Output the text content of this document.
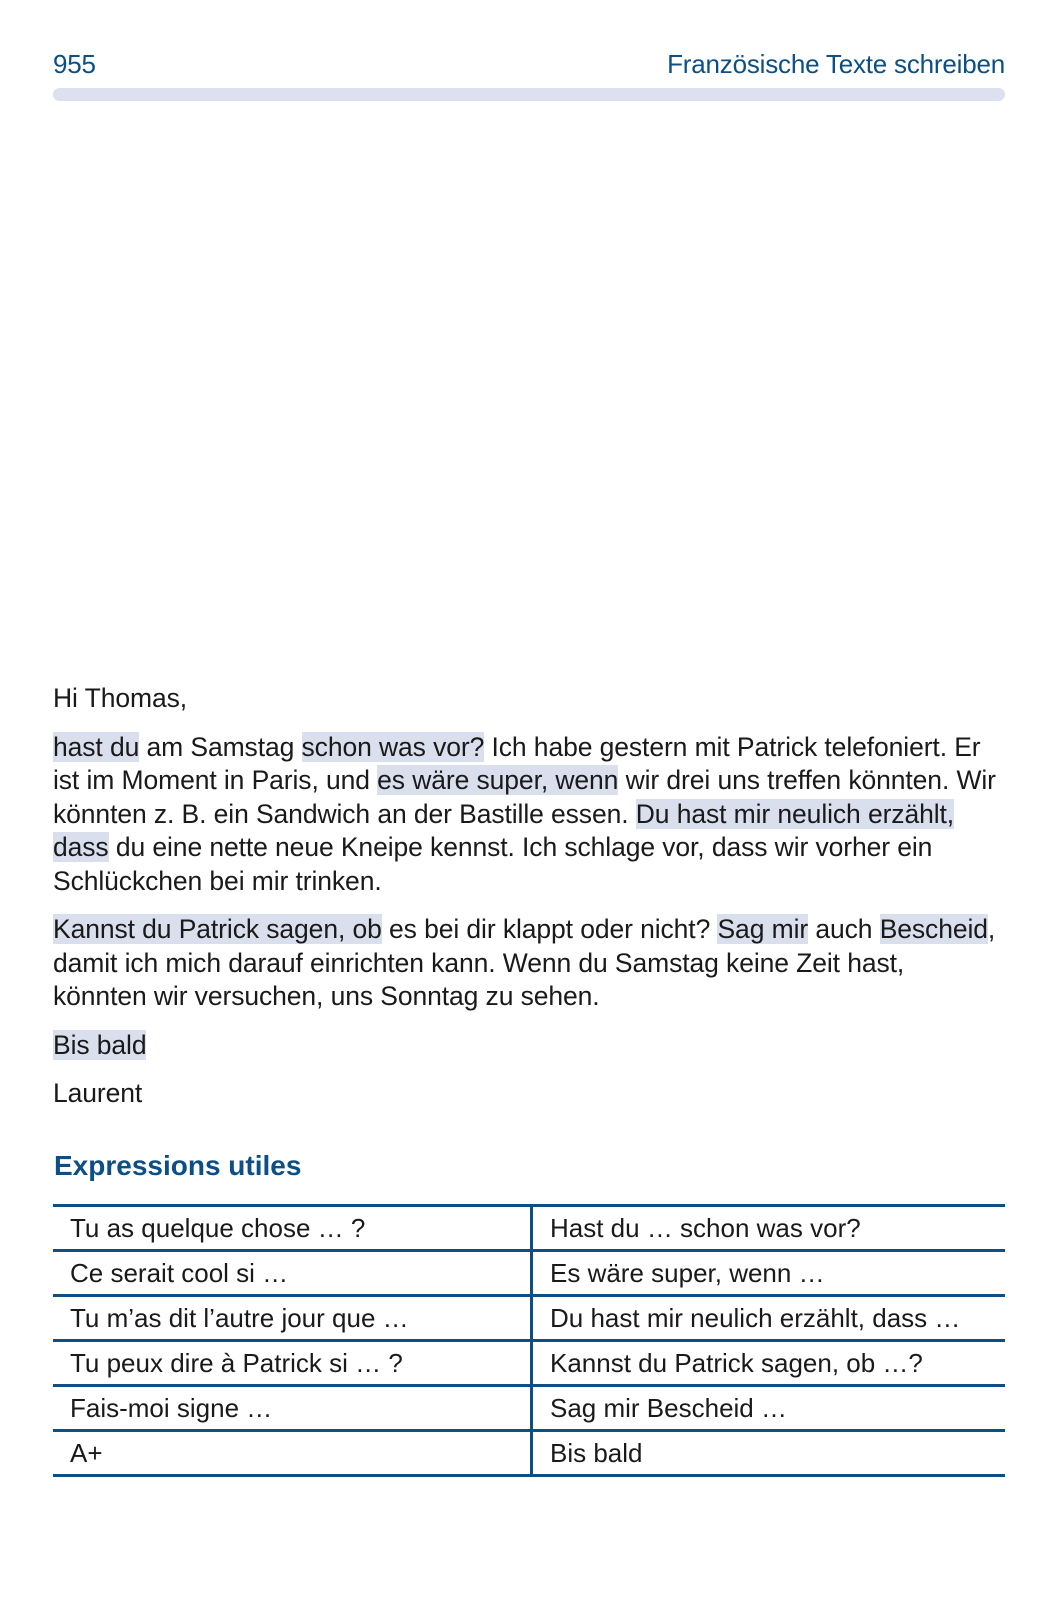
955	Französische Texte schreiben

Hi Thomas,

hast du am Samstag schon was vor? Ich habe gestern mit Patrick telefoniert. Er ist im Moment in Paris, und es wäre super, wenn wir drei uns treffen könnten. Wir könnten z. B. ein Sandwich an der Bastille essen. Du hast mir neulich erzählt, dass du eine nette neue Kneipe kennst. Ich schlage vor, dass wir vorher ein Schlückchen bei mir trinken.

Kannst du Patrick sagen, ob es bei dir klappt oder nicht? Sag mir auch Bescheid, damit ich mich darauf einrichten kann. Wenn du Samstag keine Zeit hast, könnten wir versuchen, uns Sonntag zu sehen.

Bis bald

Laurent

Expressions utiles
Tu as quelque chose … ?	Hast du … schon was vor?
Ce serait cool si …	Es wäre super, wenn …
Tu m’as dit l’autre jour que …	Du hast mir neulich erzählt, dass …
Tu peux dire à Patrick si … ?	Kannst du Patrick sagen, ob …?
Fais-moi signe …	Sag mir Bescheid …
A+	Bis bald
